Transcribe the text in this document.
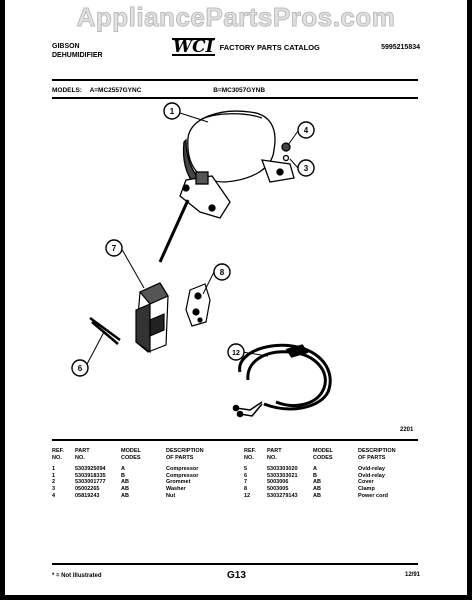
AppliancePartsPros.com
GIBSON
DEHUMIDIFIER	WCI FACTORY PARTS CATALOG	5995215834
MODELS: A=MC2557GYNC	B=MC3057GYNB
1
4
3
7
8
6
12
2201
REF.	PART	MODEL	DESCRIPTION
NO.	NO.	CODES	OF PARTS
1	5303925094	A	Compressor
1	5303918335	B	Compressor
2	5303001777	AB	Grommet
3	05002265	AB	Washer
4	05819243	AB	Nut
REF.	PART	MODEL	DESCRIPTION
NO.	NO.	CODES	OF PARTS
5	5303303020	A	Ovld-relay
6	5303303021	B	Ovld-relay
7	5003006	AB	Cover
8	5003005	AB	Clamp
12	5303279143	AB	Power cord
* = Not Illustrated	G13	12/91
